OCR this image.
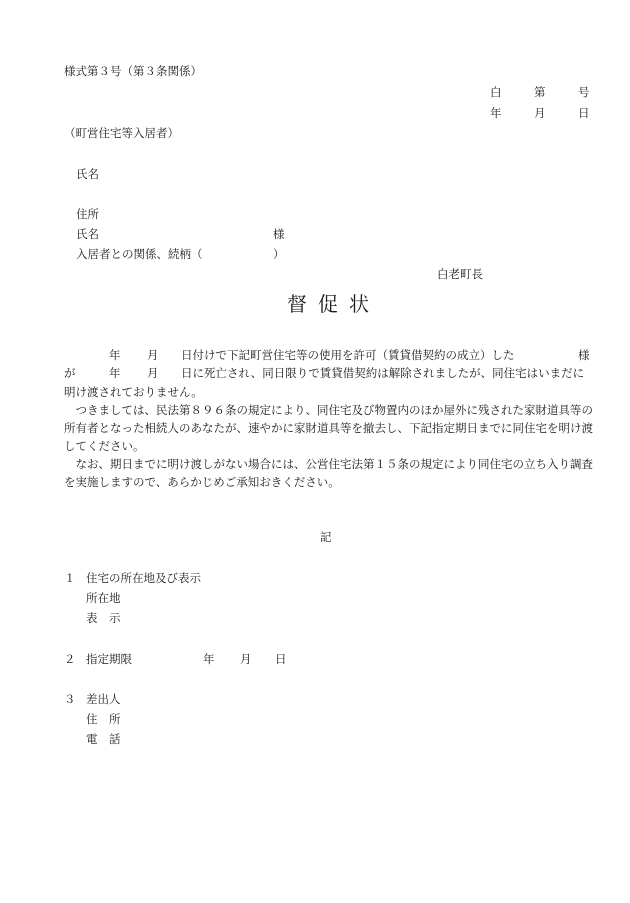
様式第３号（第３条関係）
白	第	号
年	月	日
（町営住宅等入居者）
氏名
住所
氏名	様
入居者との関係、続柄（	）
白老町長
督促状

年 月 日付けで下記町営住宅等の使用を許可（賃貸借契約の成立）した	様

が	年 月 日に死亡され、同日限りで賃貸借契約は解除されましたが、同住宅はいまだに

明け渡されておりません。

つきましては、民法第８９６条の規定により、同住宅及び物置内のほか屋外に残された家財道具等の所有者となった相続人のあなたが、速やかに家財道具等を撤去し、下記指定期日までに同住宅を明け渡してください。

なお、期日までに明け渡しがない場合には、公営住宅法第１５条の規定により同住宅の立ち入り調査を実施しますので、あらかじめご承知おきください。

記
１ 住宅の所在地及び表示
所在地
表　示
２ 指定期限	年 月 日
３ 差出人
住　所
電　話
